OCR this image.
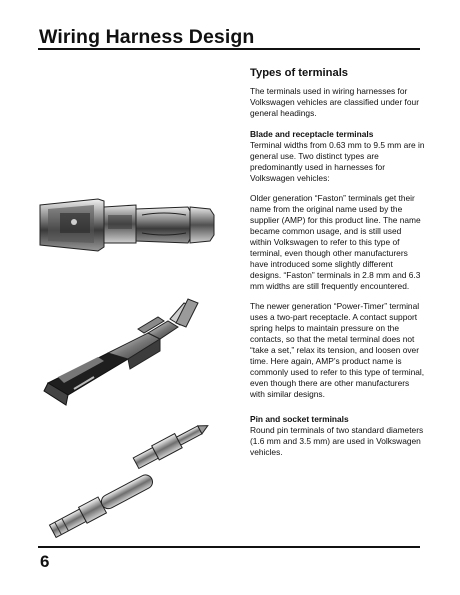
Wiring Harness Design
Types of terminals

The terminals used in wiring harnesses for Volkswagen vehicles are classified under four general headings.

Blade and receptacle terminals

Terminal widths from 0.63 mm to 9.5 mm are in general use. Two distinct types are predominantly used in harnesses for Volkswagen vehicles:

Older generation “Faston” terminals get their name from the original name used by the supplier (AMP) for this product line. The name became common usage, and is still used within Volkswagen to refer to this type of terminal, even though other manufacturers have introduced some slightly different designs. “Faston” terminals in 2.8 mm and 6.3 mm widths are still frequently encountered.

The newer generation “Power-Timer” terminal uses a two-part receptacle. A contact support spring helps to maintain pressure on the contacts, so that the metal terminal does not “take a set,” relax its tension, and loosen over time. Here again, AMP’s product name is commonly used to refer to this type of terminal, even though there are other manufacturers with similar designs.

Pin and socket terminals

Round pin terminals of two standard diameters (1.6 mm and 3.5 mm) are used in Volkswagen vehicles.

6
